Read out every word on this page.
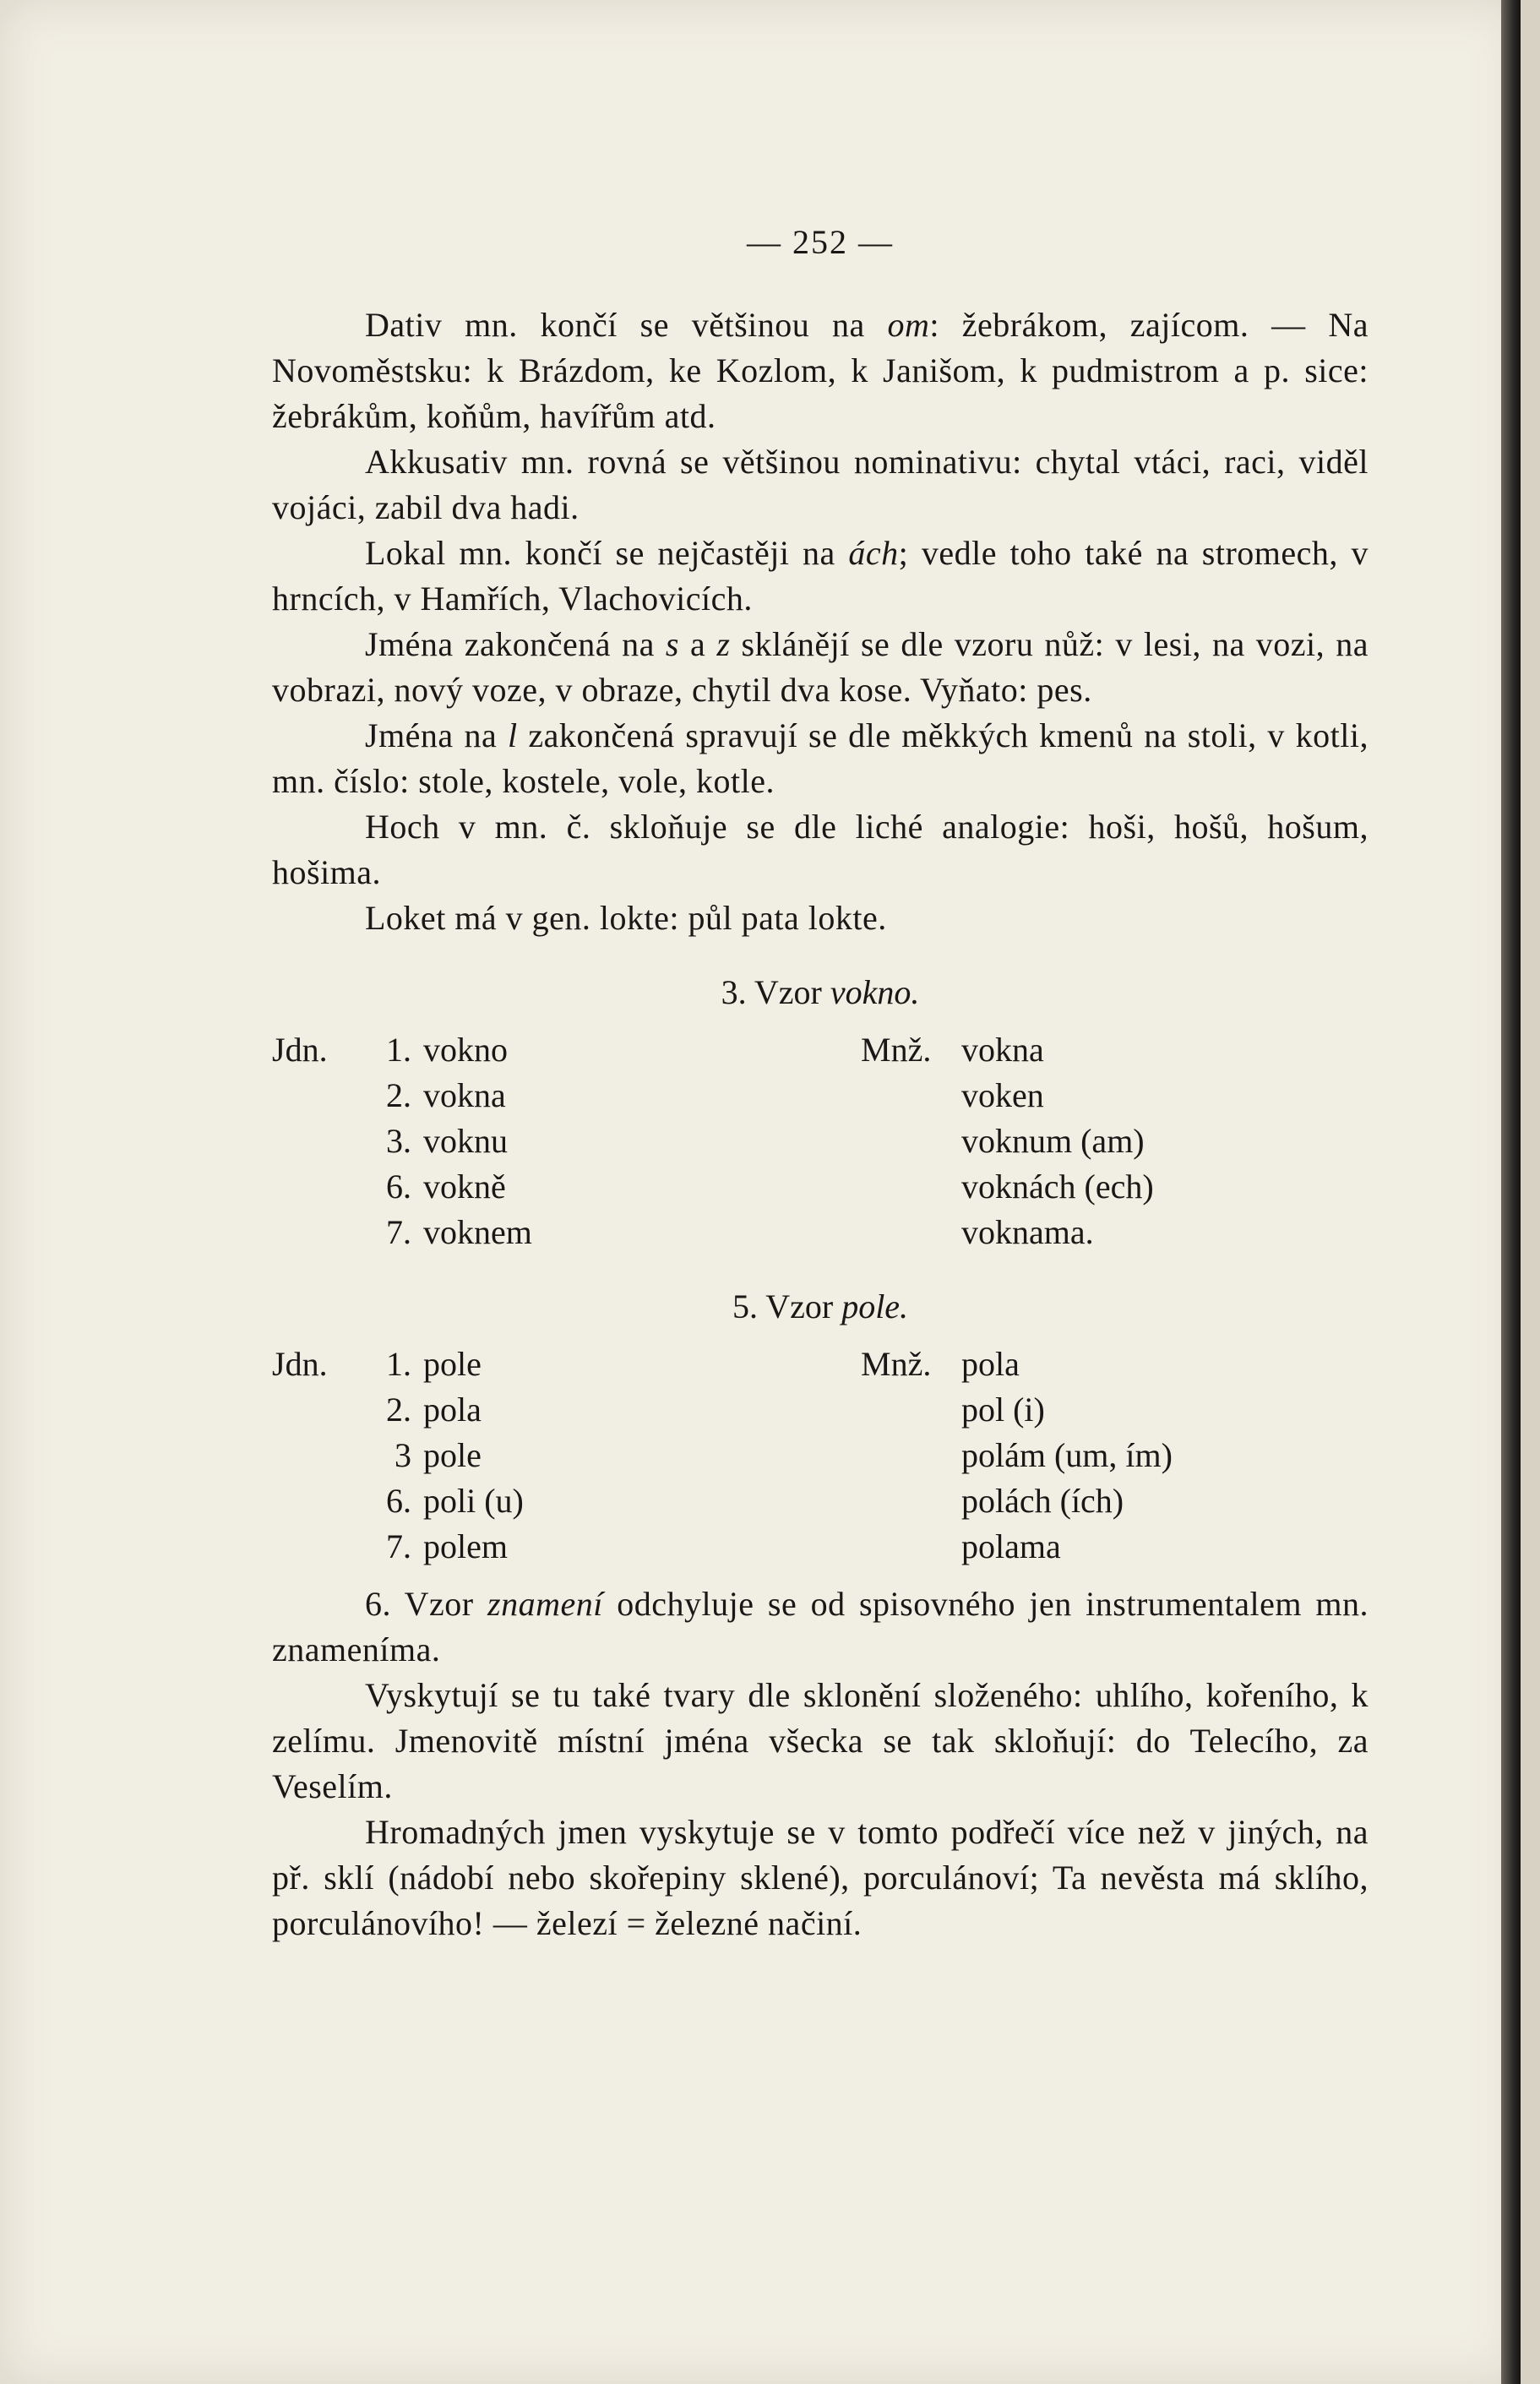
— 252 —

Dativ mn. končí se většinou na om: žebrákom, zajícom. — Na Novoměstsku: k Brázdom, ke Kozlom, k Janišom, k pudmistrom a p. sice: žebrákům, koňům, havířům atd.

Akkusativ mn. rovná se většinou nominativu: chytal vtáci, raci, viděl vojáci, zabil dva hadi.

Lokal mn. končí se nejčastěji na ách; vedle toho také na stromech, v hrncích, v Hamřích, Vlachovicích.

Jména zakončená na s a z sklánějí se dle vzoru nůž: v lesi, na vozi, na vobrazi, nový voze, v obraze, chytil dva kose. Vyňato: pes.

Jména na l zakončená spravují se dle měkkých kmenů na stoli, v kotli, mn. číslo: stole, kostele, vole, kotle.

Hoch v mn. č. skloňuje se dle liché analogie: hoši, hošů, hošum, hošima.

Loket má v gen. lokte: půl pata lokte.

3. Vzor vokno.
Jdn.	1.	vokno	Mnž.	vokna
	2.	vokna		voken
	3.	voknu		voknum (am)
	6.	vokně		voknách (ech)
	7.	voknem		voknama.
5. Vzor pole.
Jdn.	1.	pole	Mnž.	pola
	2.	pola		pol (i)
	3	pole		polám (um, ím)
	6.	poli (u)		polách (ích)
	7.	polem		polama

6. Vzor znamení odchyluje se od spisovného jen instrumentalem mn. znameníma.

Vyskytují se tu také tvary dle sklonění složeného: uhlího, kořeního, k zelímu. Jmenovitě místní jména všecka se tak skloňují: do Telecího, za Veselím.

Hromadných jmen vyskytuje se v tomto podřečí více než v jiných, na př. sklí (nádobí nebo skořepiny sklené), porculánoví; Ta nevěsta má sklího, porculánovího! — železí = železné načiní.
